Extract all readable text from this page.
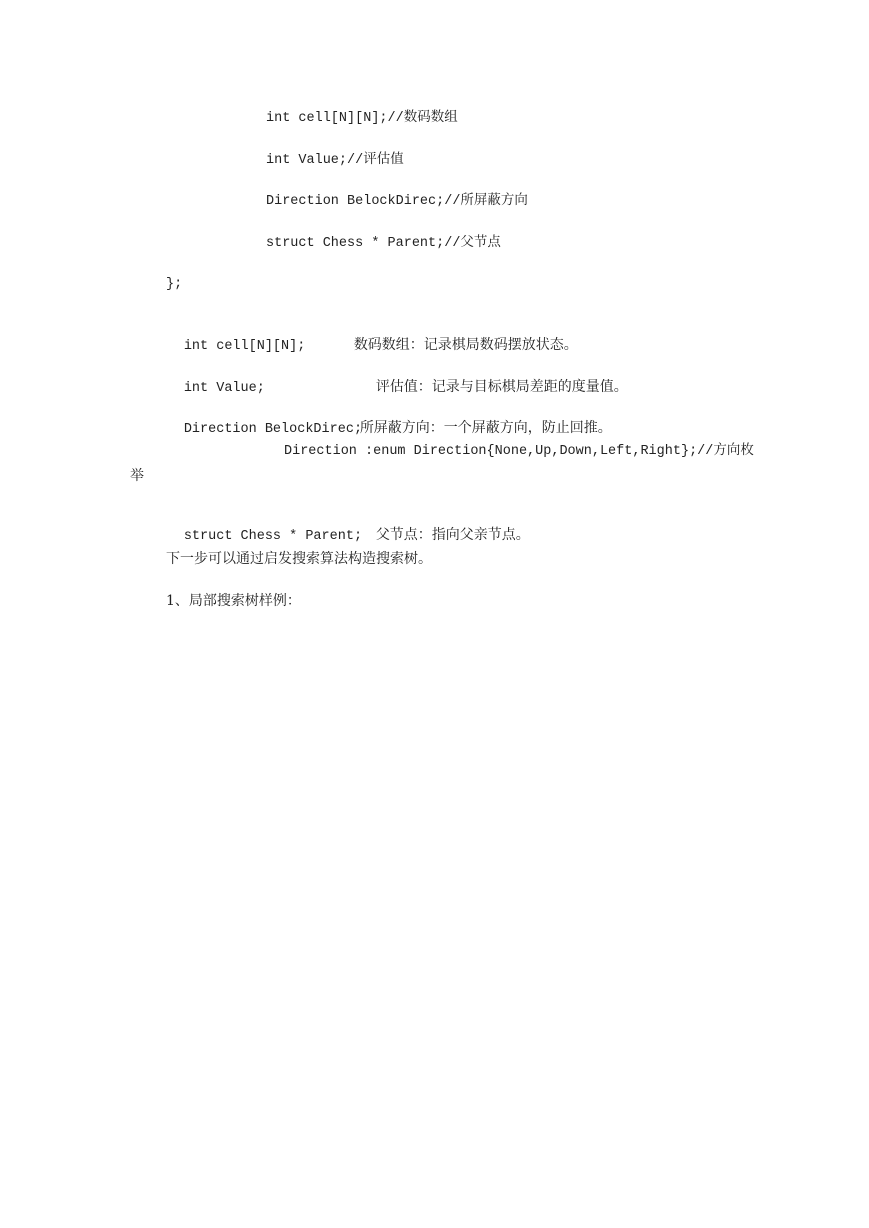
int cell[N][N];//数码数组
int Value;//评估值
Direction BelockDirec;//所屏蔽方向
struct Chess * Parent;//父节点
};

int cell[N][N];	数码数组：记录棋局数码摆放状态。

int Value;	评估值：记录与目标棋局差距的度量值。

Direction BelockDirec;所屏蔽方向：一个屏蔽方向，防止回推。

Direction :enum Direction{None,Up,Down,Left,Right};//方向枚
举

struct Chess * Parent; 父节点：指向父亲节点。

下一步可以通过启发搜索算法构造搜索树。
1、局部搜索树样例：
